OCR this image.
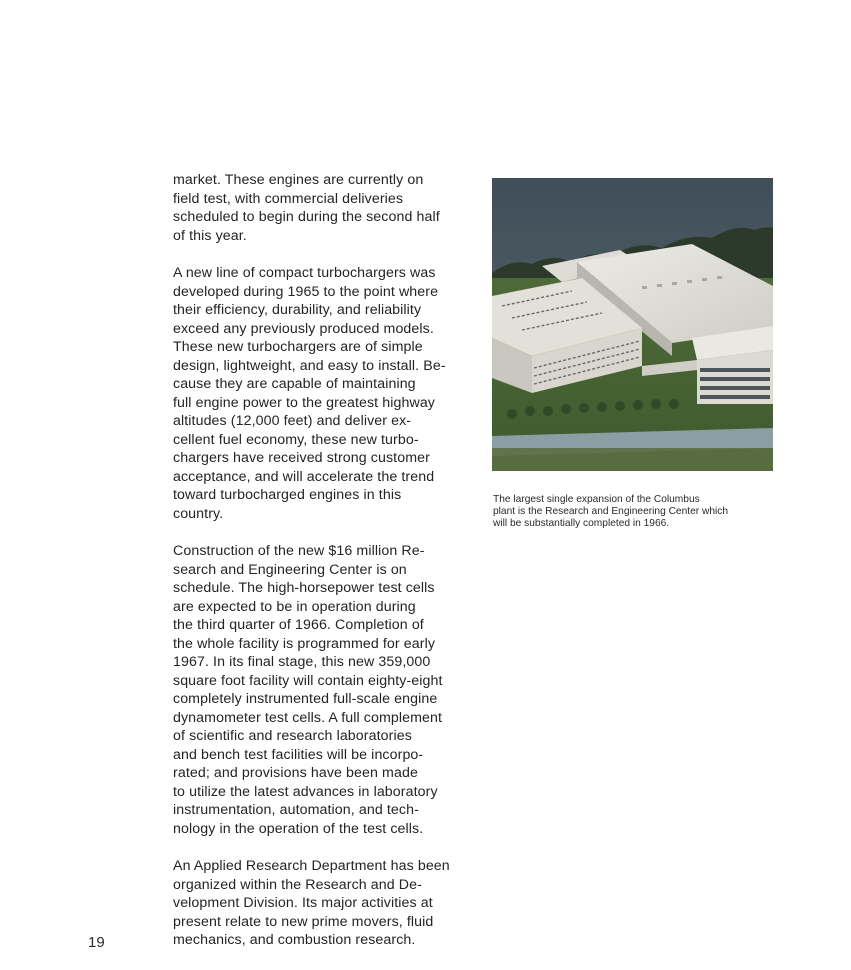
market. These engines are currently on
field test, with commercial deliveries
scheduled to begin during the second half
of this year.

A new line of compact turbochargers was
developed during 1965 to the point where
their efficiency, durability, and reliability
exceed any previously produced models.
These new turbochargers are of simple
design, lightweight, and easy to install. Be-
cause they are capable of maintaining
full engine power to the greatest highway
altitudes (12,000 feet) and deliver ex-
cellent fuel economy, these new turbo-
chargers have received strong customer
acceptance, and will accelerate the trend
toward turbocharged engines in this
country.

Construction of the new $16 million Re-
search and Engineering Center is on
schedule. The high-horsepower test cells
are expected to be in operation during
the third quarter of 1966. Completion of
the whole facility is programmed for early
1967. In its final stage, this new 359,000
square foot facility will contain eighty-eight
completely instrumented full-scale engine
dynamometer test cells. A full complement
of scientific and research laboratories
and bench test facilities will be incorpo-
rated; and provisions have been made
to utilize the latest advances in laboratory
instrumentation, automation, and tech-
nology in the operation of the test cells.

An Applied Research Department has been
organized within the Research and De-
velopment Division. Its major activities at
present relate to new prime movers, fluid
mechanics, and combustion research.

The largest single expansion of the Columbus
plant is the Research and Engineering Center which
will be substantially completed in 1966.
19
